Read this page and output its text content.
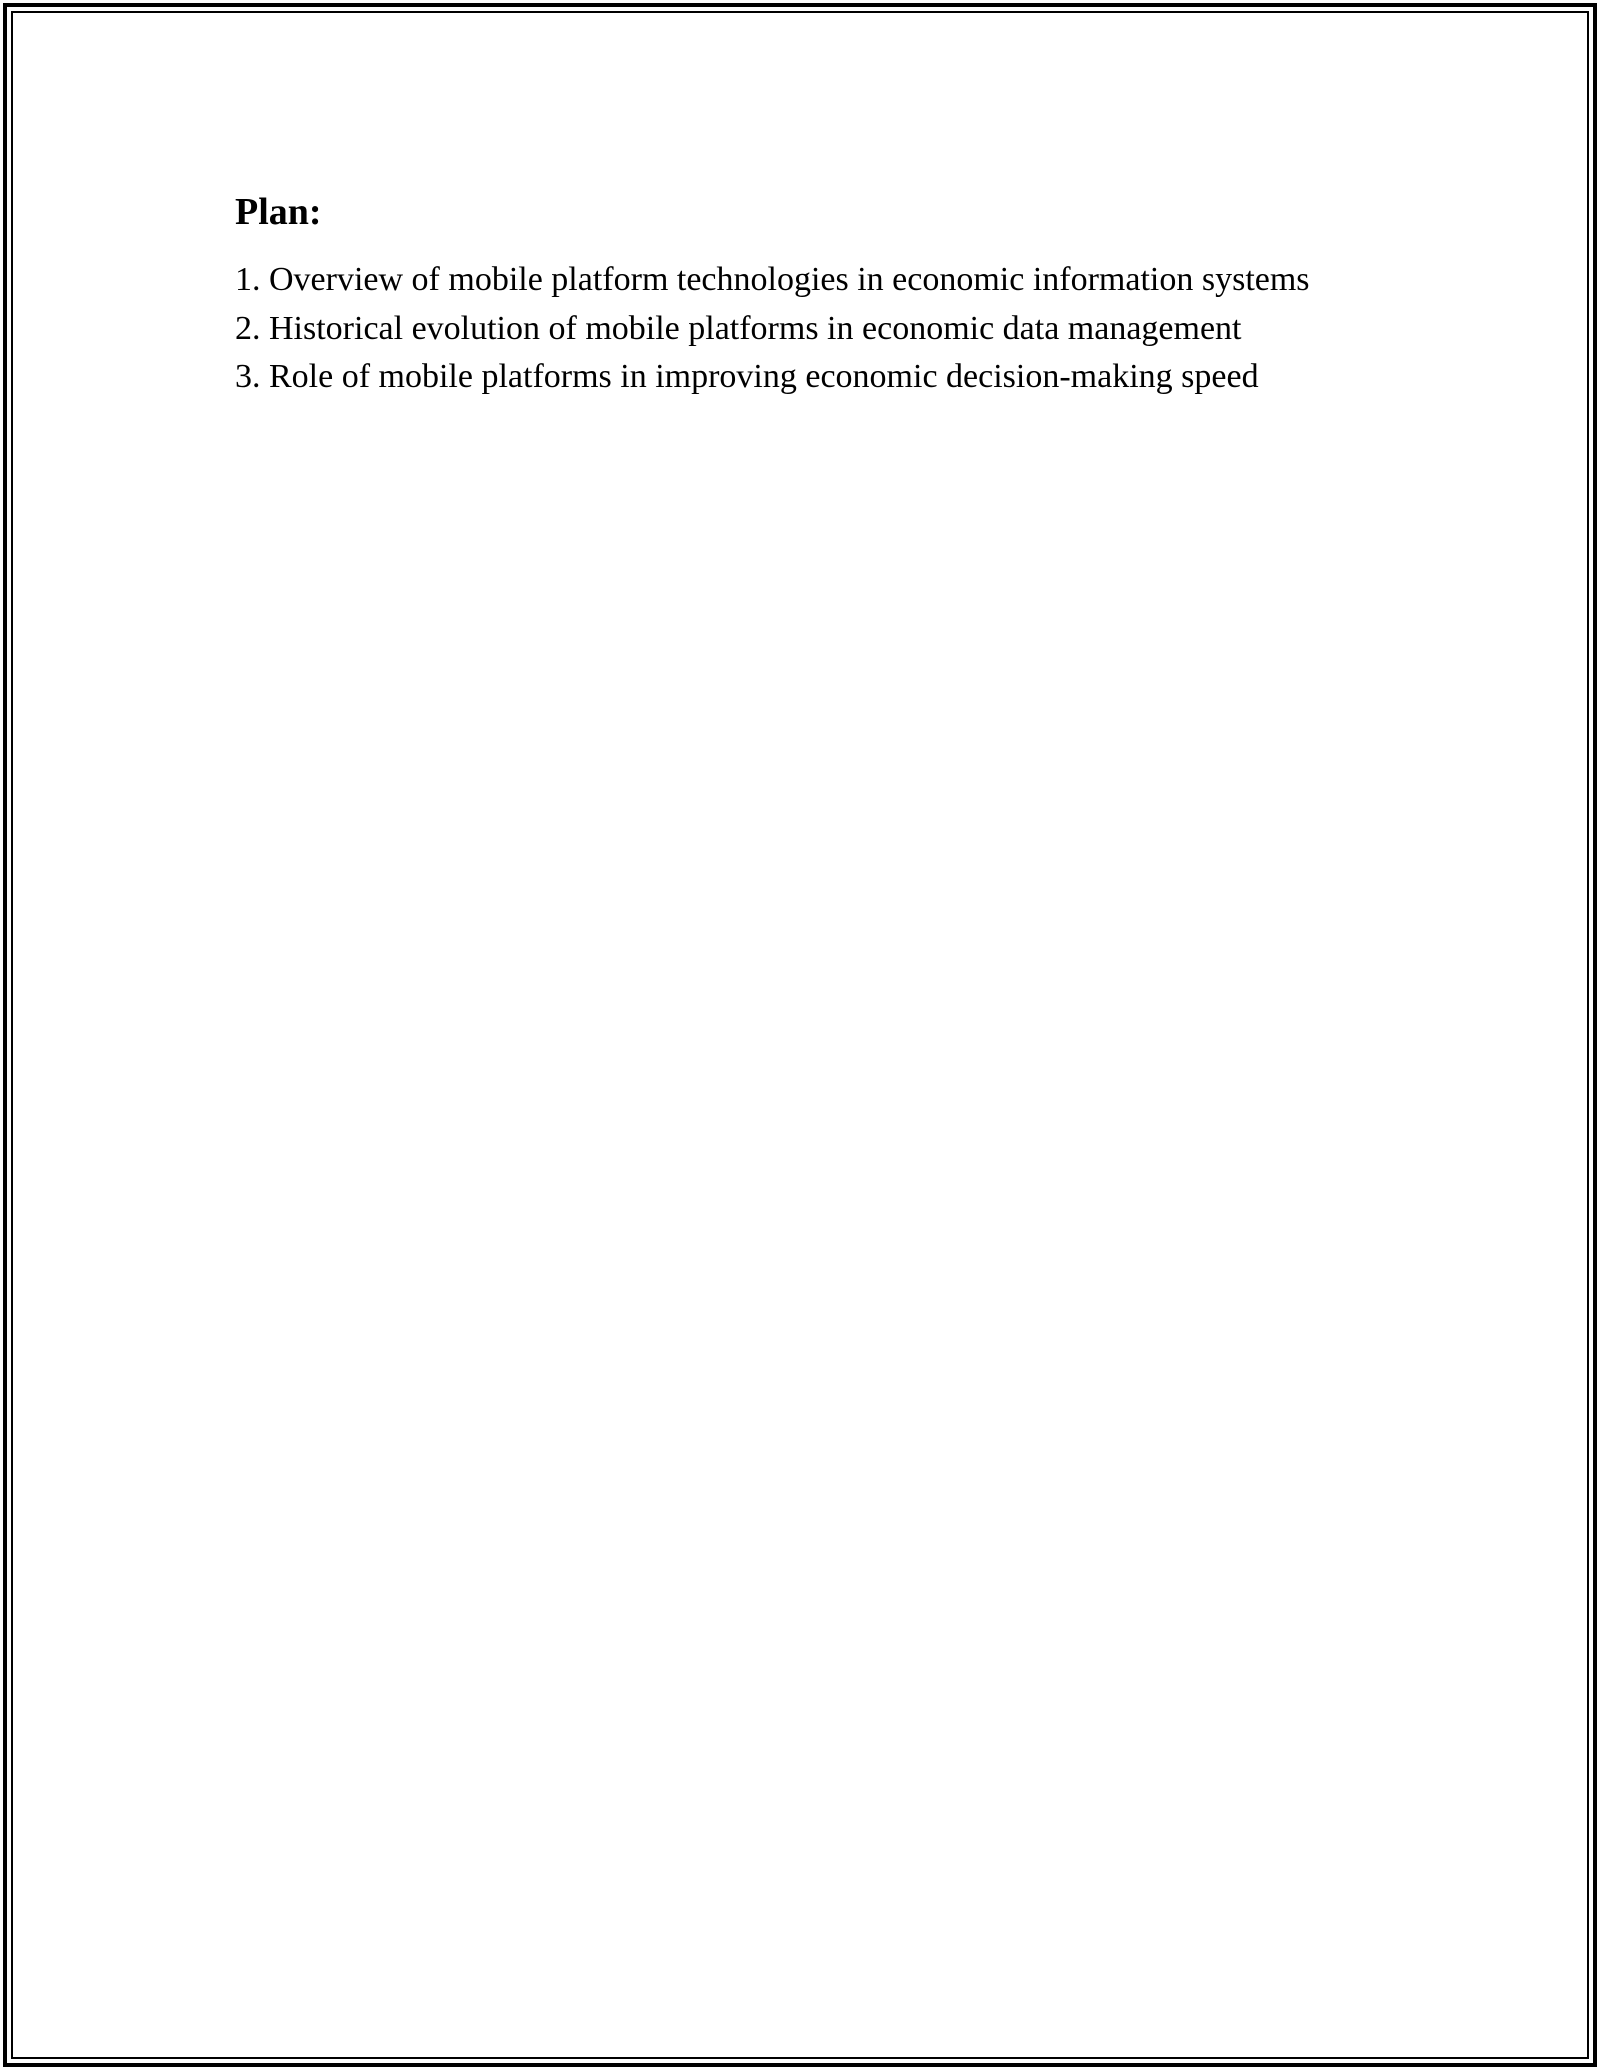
Plan:
1. Overview of mobile platform technologies in economic information systems
2. Historical evolution of mobile platforms in economic data management
3. Role of mobile platforms in improving economic decision-making speed
